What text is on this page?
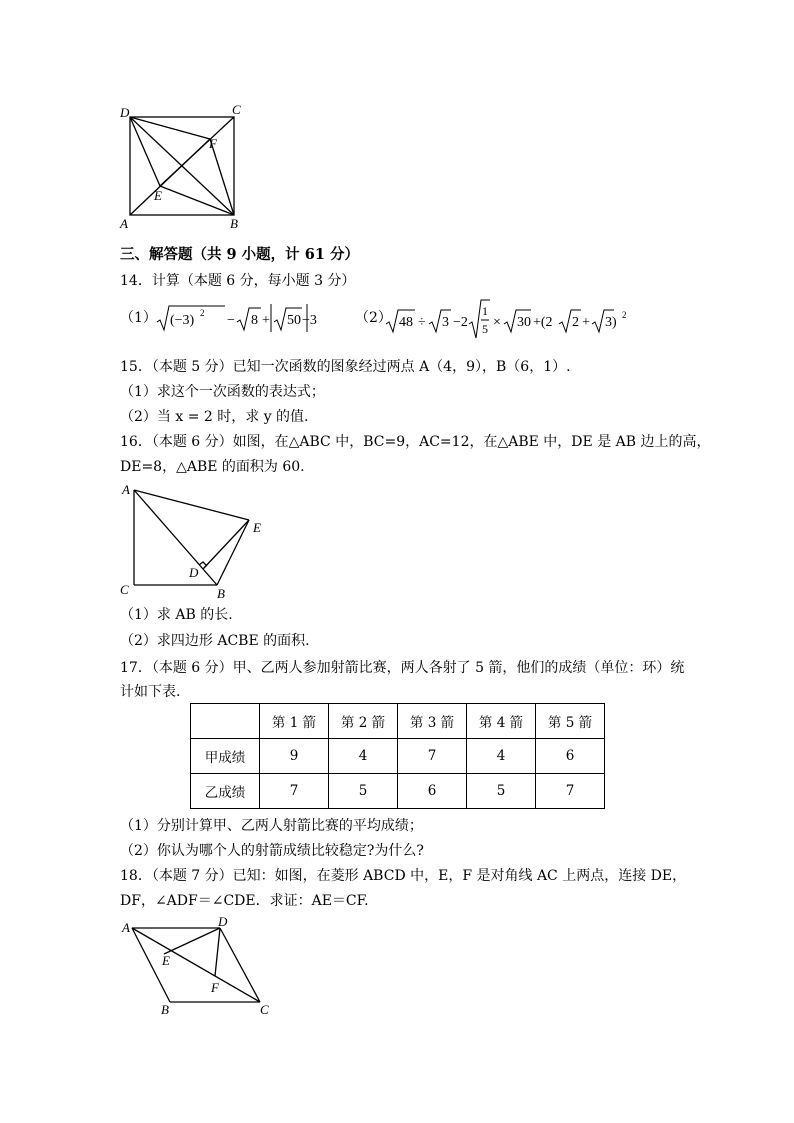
D	C
F
E
A	B
三、解答题（共 9 小题，计 61 分）
14．计算（本题 6 分，每小题 3 分）
（1） (−3) 2 − 8 + 50 −3	（2） 48 ÷ 3 −2
1
5 × 30 +(2 2 + 3) 2
15．（本题 5 分）已知一次函数的图象经过两点 A（4，9），B（6，1）.
（1）求这个一次函数的表达式；
（2）当 x = 2 时，求 y 的值.
16．（本题 6 分）如图，在△ABC 中，BC=9，AC=12，在△ABE 中，DE 是 AB 边上的高，
DE=8，△ABE 的面积为 60.
A
E
D
C	B
（1）求 AB 的长.
（2）求四边形 ACBE 的面积.
17．（本题 6 分）甲、乙两人参加射箭比赛，两人各射了 5 箭，他们的成绩（单位：环）统
计如下表.
	第 1 箭	第 2 箭	第 3 箭	第 4 箭	第 5 箭
甲成绩	9	4	7	4	6
乙成绩	7	5	6	5	7
（1）分别计算甲、乙两人射箭比赛的平均成绩；
（2）你认为哪个人的射箭成绩比较稳定?为什么?
18．（本题 7 分）已知：如图，在菱形 ABCD 中，E，F 是对角线 AC 上两点，连接 DE，
DF，∠ADF＝∠CDE．求证：AE＝CF.
A	D
E
F
B	C
